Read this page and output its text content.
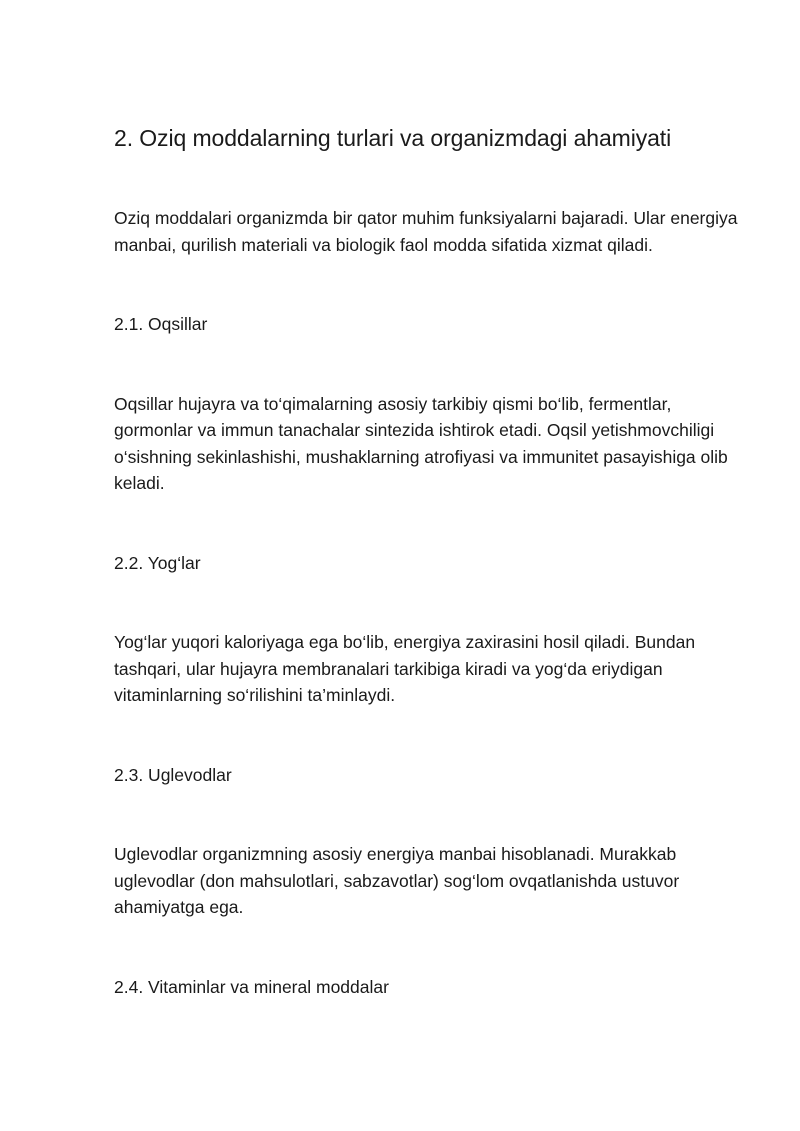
2. Oziq moddalarning turlari va organizmdagi ahamiyati

Oziq moddalari organizmda bir qator muhim funksiyalarni bajaradi. Ular energiya manbai, qurilish materiali va biologik faol modda sifatida xizmat qiladi.

2.1. Oqsillar

Oqsillar hujayra va to‘qimalarning asosiy tarkibiy qismi bo‘lib, fermentlar, gormonlar va immun tanachalar sintezida ishtirok etadi. Oqsil yetishmovchiligi o‘sishning sekinlashishi, mushaklarning atrofiyasi va immunitet pasayishiga olib keladi.

2.2. Yog‘lar

Yog‘lar yuqori kaloriyaga ega bo‘lib, energiya zaxirasini hosil qiladi. Bundan tashqari, ular hujayra membranalari tarkibiga kiradi va yog‘da eriydigan vitaminlarning so‘rilishini ta’minlaydi.

2.3. Uglevodlar

Uglevodlar organizmning asosiy energiya manbai hisoblanadi. Murakkab uglevodlar (don mahsulotlari, sabzavotlar) sog‘lom ovqatlanishda ustuvor ahamiyatga ega.

2.4. Vitaminlar va mineral moddalar
